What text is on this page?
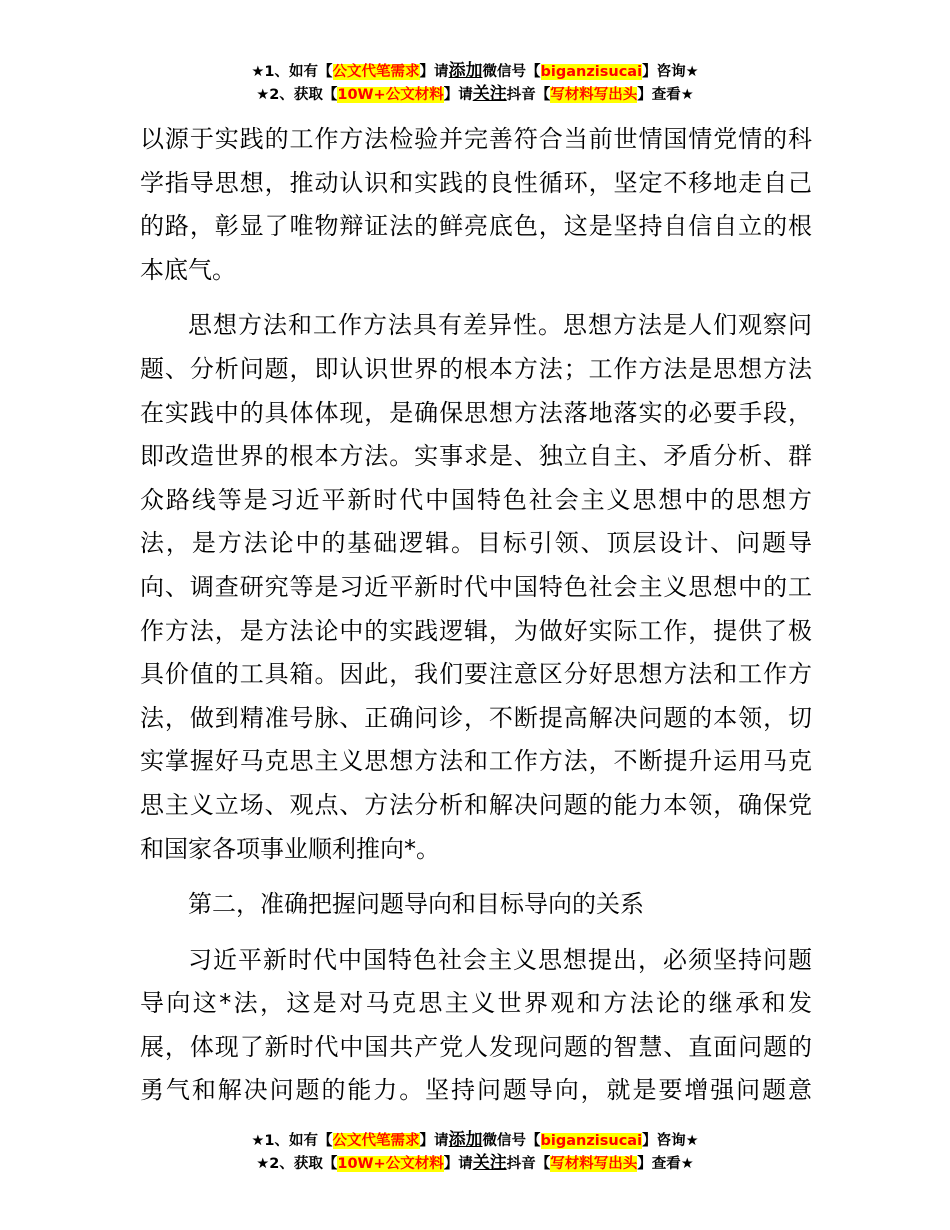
★1、如有【公文代笔需求】请添加微信号【biganzisucai】咨询★
★2、获取【10W+公文材料】请关注抖音【写材料写出头】查看★

以源于实践的工作方法检验并完善符合当前世情国情党情的科
学指导思想，推动认识和实践的良性循环，坚定不移地走自己
的路，彰显了唯物辩证法的鲜亮底色，这是坚持自信自立的根
本底气。

思想方法和工作方法具有差异性。思想方法是人们观察问
题、分析问题，即认识世界的根本方法；工作方法是思想方法
在实践中的具体体现，是确保思想方法落地落实的必要手段，
即改造世界的根本方法。实事求是、独立自主、矛盾分析、群
众路线等是习近平新时代中国特色社会主义思想中的思想方
法，是方法论中的基础逻辑。目标引领、顶层设计、问题导
向、调查研究等是习近平新时代中国特色社会主义思想中的工
作方法，是方法论中的实践逻辑，为做好实际工作，提供了极
具价值的工具箱。因此，我们要注意区分好思想方法和工作方
法，做到精准号脉、正确问诊，不断提高解决问题的本领，切
实掌握好马克思主义思想方法和工作方法，不断提升运用马克
思主义立场、观点、方法分析和解决问题的能力本领，确保党
和国家各项事业顺利推向*。

第二，准确把握问题导向和目标导向的关系

习近平新时代中国特色社会主义思想提出，必须坚持问题
导向这*法，这是对马克思主义世界观和方法论的继承和发
展，体现了新时代中国共产党人发现问题的智慧、直面问题的
勇气和解决问题的能力。坚持问题导向，就是要增强问题意

★1、如有【公文代笔需求】请添加微信号【biganzisucai】咨询★
★2、获取【10W+公文材料】请关注抖音【写材料写出头】查看★
